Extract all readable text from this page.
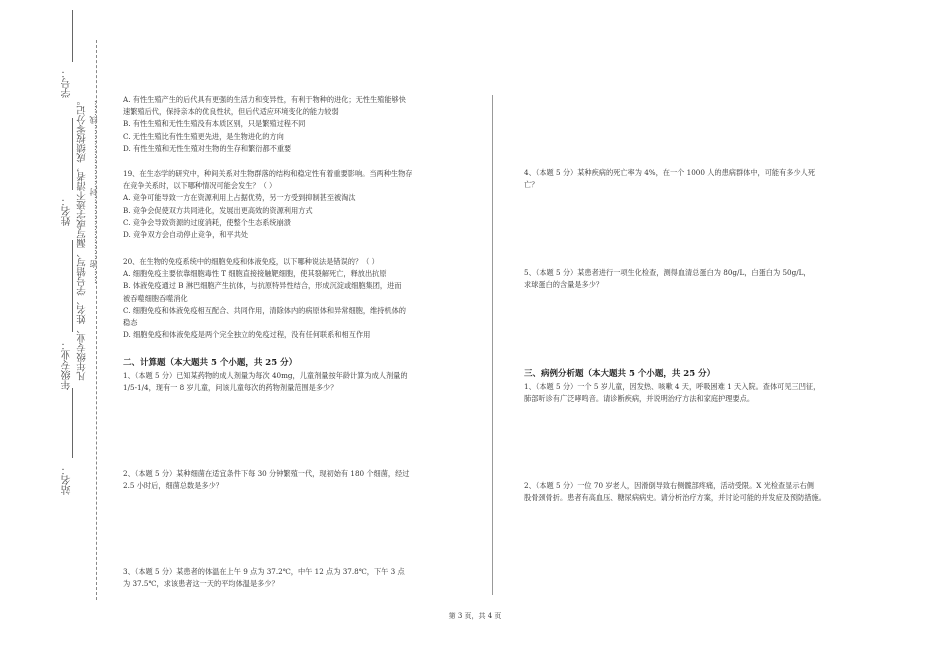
学号：
姓名：
年级专业：
站名：
凡年级专业、姓名、学号错写、漏写或字迹不清者，成绩按零分记。 ……密……………………封……………………线……

A. 有性生殖产生的后代具有更强的生活力和变异性，有利于物种的进化；无性生殖能够快

速繁殖后代，保持亲本的优良性状，但后代适应环境变化的能力较弱

B. 有性生殖和无性生殖没有本质区别，只是繁殖过程不同

C. 无性生殖比有性生殖更先进，是生物进化的方向

D. 有性生殖和无性生殖对生物的生存和繁衍都不重要

19、在生态学的研究中，种间关系对生物群落的结构和稳定性有着重要影响。当两种生物存

在竞争关系时，以下哪种情况可能会发生？（ ）

A. 竞争可能导致一方在资源利用上占据优势，另一方受到抑制甚至被淘汰

B. 竞争会促使双方共同进化，发展出更高效的资源利用方式

C. 竞争会导致资源的过度消耗，使整个生态系统崩溃

D. 竞争双方会自动停止竞争，和平共处

20、在生物的免疫系统中的细胞免疫和体液免疫，以下哪种说法是错误的？（ ）

A. 细胞免疫主要依靠细胞毒性 T 细胞直接接触靶细胞，使其裂解死亡，释放出抗原

B. 体液免疫通过 B 淋巴细胞产生抗体，与抗原特异性结合，形成沉淀或细胞集团，进而

被吞噬细胞吞噬消化

C. 细胞免疫和体液免疫相互配合、共同作用，清除体内的病原体和异常细胞，维持机体的

稳态

D. 细胞免疫和体液免疫是两个完全独立的免疫过程，没有任何联系和相互作用

二、计算题（本大题共 5 个小题，共 25 分）

1、（本题 5 分）已知某药物的成人剂量为每次 40mg，儿童剂量按年龄计算为成人剂量的

1/5-1/4，现有一 8 岁儿童，问该儿童每次的药物剂量范围是多少？

2、（本题 5 分）某种细菌在适宜条件下每 30 分钟繁殖一代，现初始有 180 个细菌，经过

2.5 小时后，细菌总数是多少？

3、（本题 5 分）某患者的体温在上午 9 点为 37.2℃，中午 12 点为 37.8℃，下午 3 点

为 37.5℃，求该患者这一天的平均体温是多少？

4、（本题 5 分）某种疾病的死亡率为 4%，在一个 1000 人的患病群体中，可能有多少人死

亡？

5、（本题 5 分）某患者进行一项生化检查，测得血清总蛋白为 80g/L，白蛋白为 50g/L，

求球蛋白的含量是多少？

三、病例分析题（本大题共 5 个小题，共 25 分）

1、（本题 5 分）一个 5 岁儿童，因发热、咳嗽 4 天，呼吸困难 1 天入院。查体可见三凹征，

肺部听诊有广泛哮鸣音。请诊断疾病，并说明治疗方法和家庭护理要点。

2、（本题 5 分）一位 70 岁老人，因滑倒导致右侧髋部疼痛，活动受限。X 光检查显示右侧

股骨颈骨折。患者有高血压、糖尿病病史。请分析治疗方案，并讨论可能的并发症及预防措施。

第 3 页，共 4 页
